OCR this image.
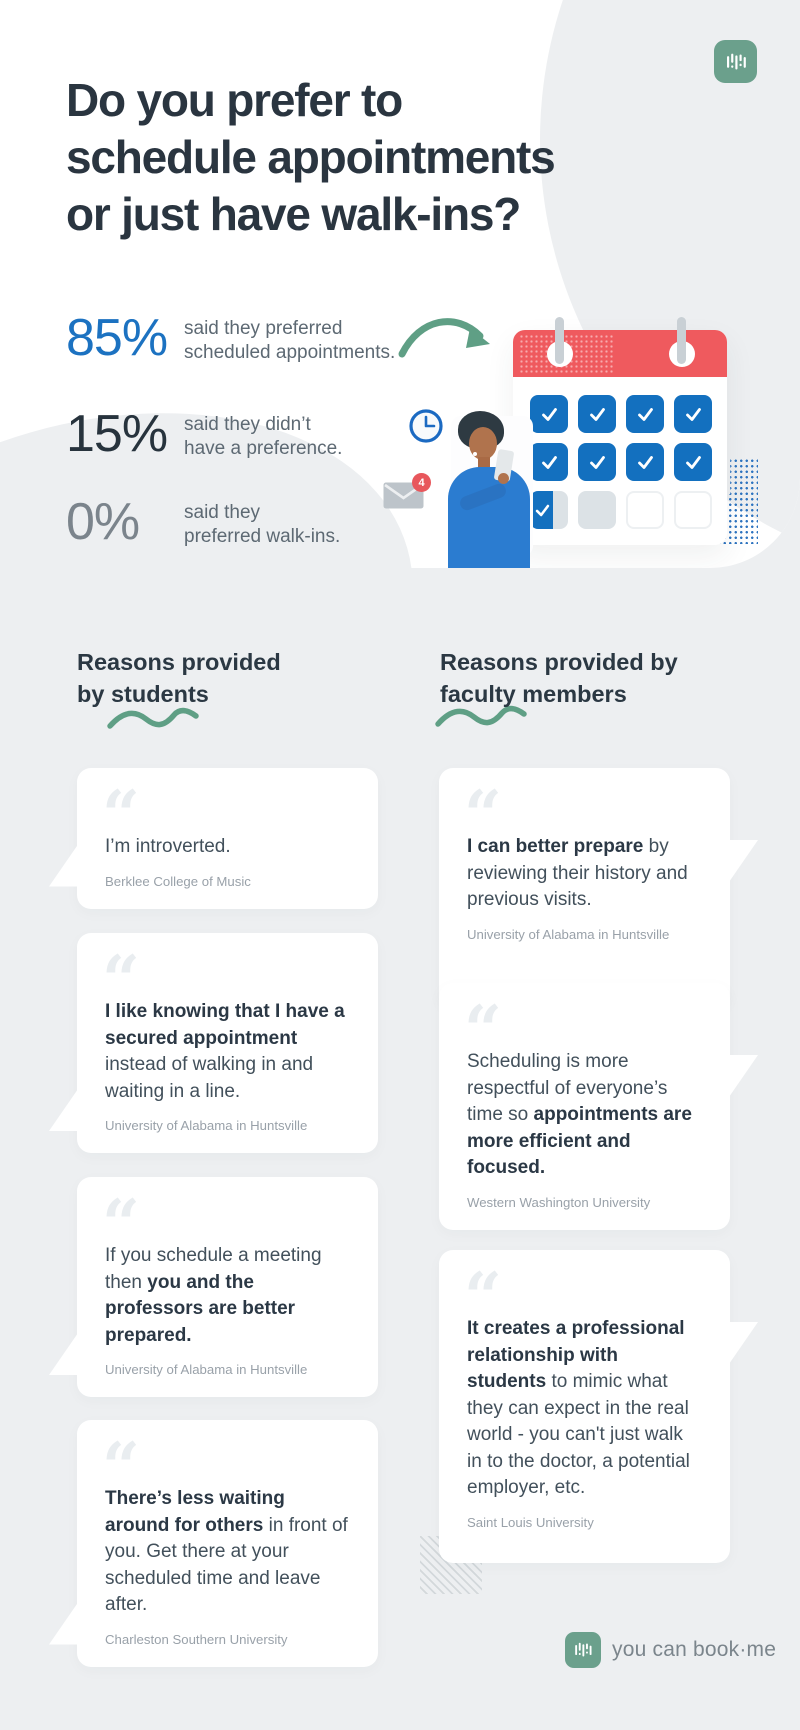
Do you prefer to
schedule appointments
or just have walk-ins?
85% said they preferred
scheduled appointments.
15% said they didn’t
have a preference.
0%	said they
preferred walk-ins.
4
Reasons provided
by students
Reasons provided by
faculty members
“
I’m introverted.
Berklee College of Music
“
I like knowing that I have a secured appointment instead of walking in and waiting in a line.
University of Alabama in Huntsville
“
If you schedule a meeting then you and the professors are better prepared.
University of Alabama in Huntsville
“
There’s less waiting around for others in front of you. Get there at your scheduled time and leave after.
Charleston Southern University
“
I can better prepare by reviewing their history and previous visits.
University of Alabama in Huntsville
“
Scheduling is more respectful of everyone’s time so appointments are more efficient and focused.
Western Washington University
“
It creates a professional relationship with students to mimic what they can expect in the real world - you can't just walk in to the doctor, a potential employer, etc.
Saint Louis University
you can book·me
